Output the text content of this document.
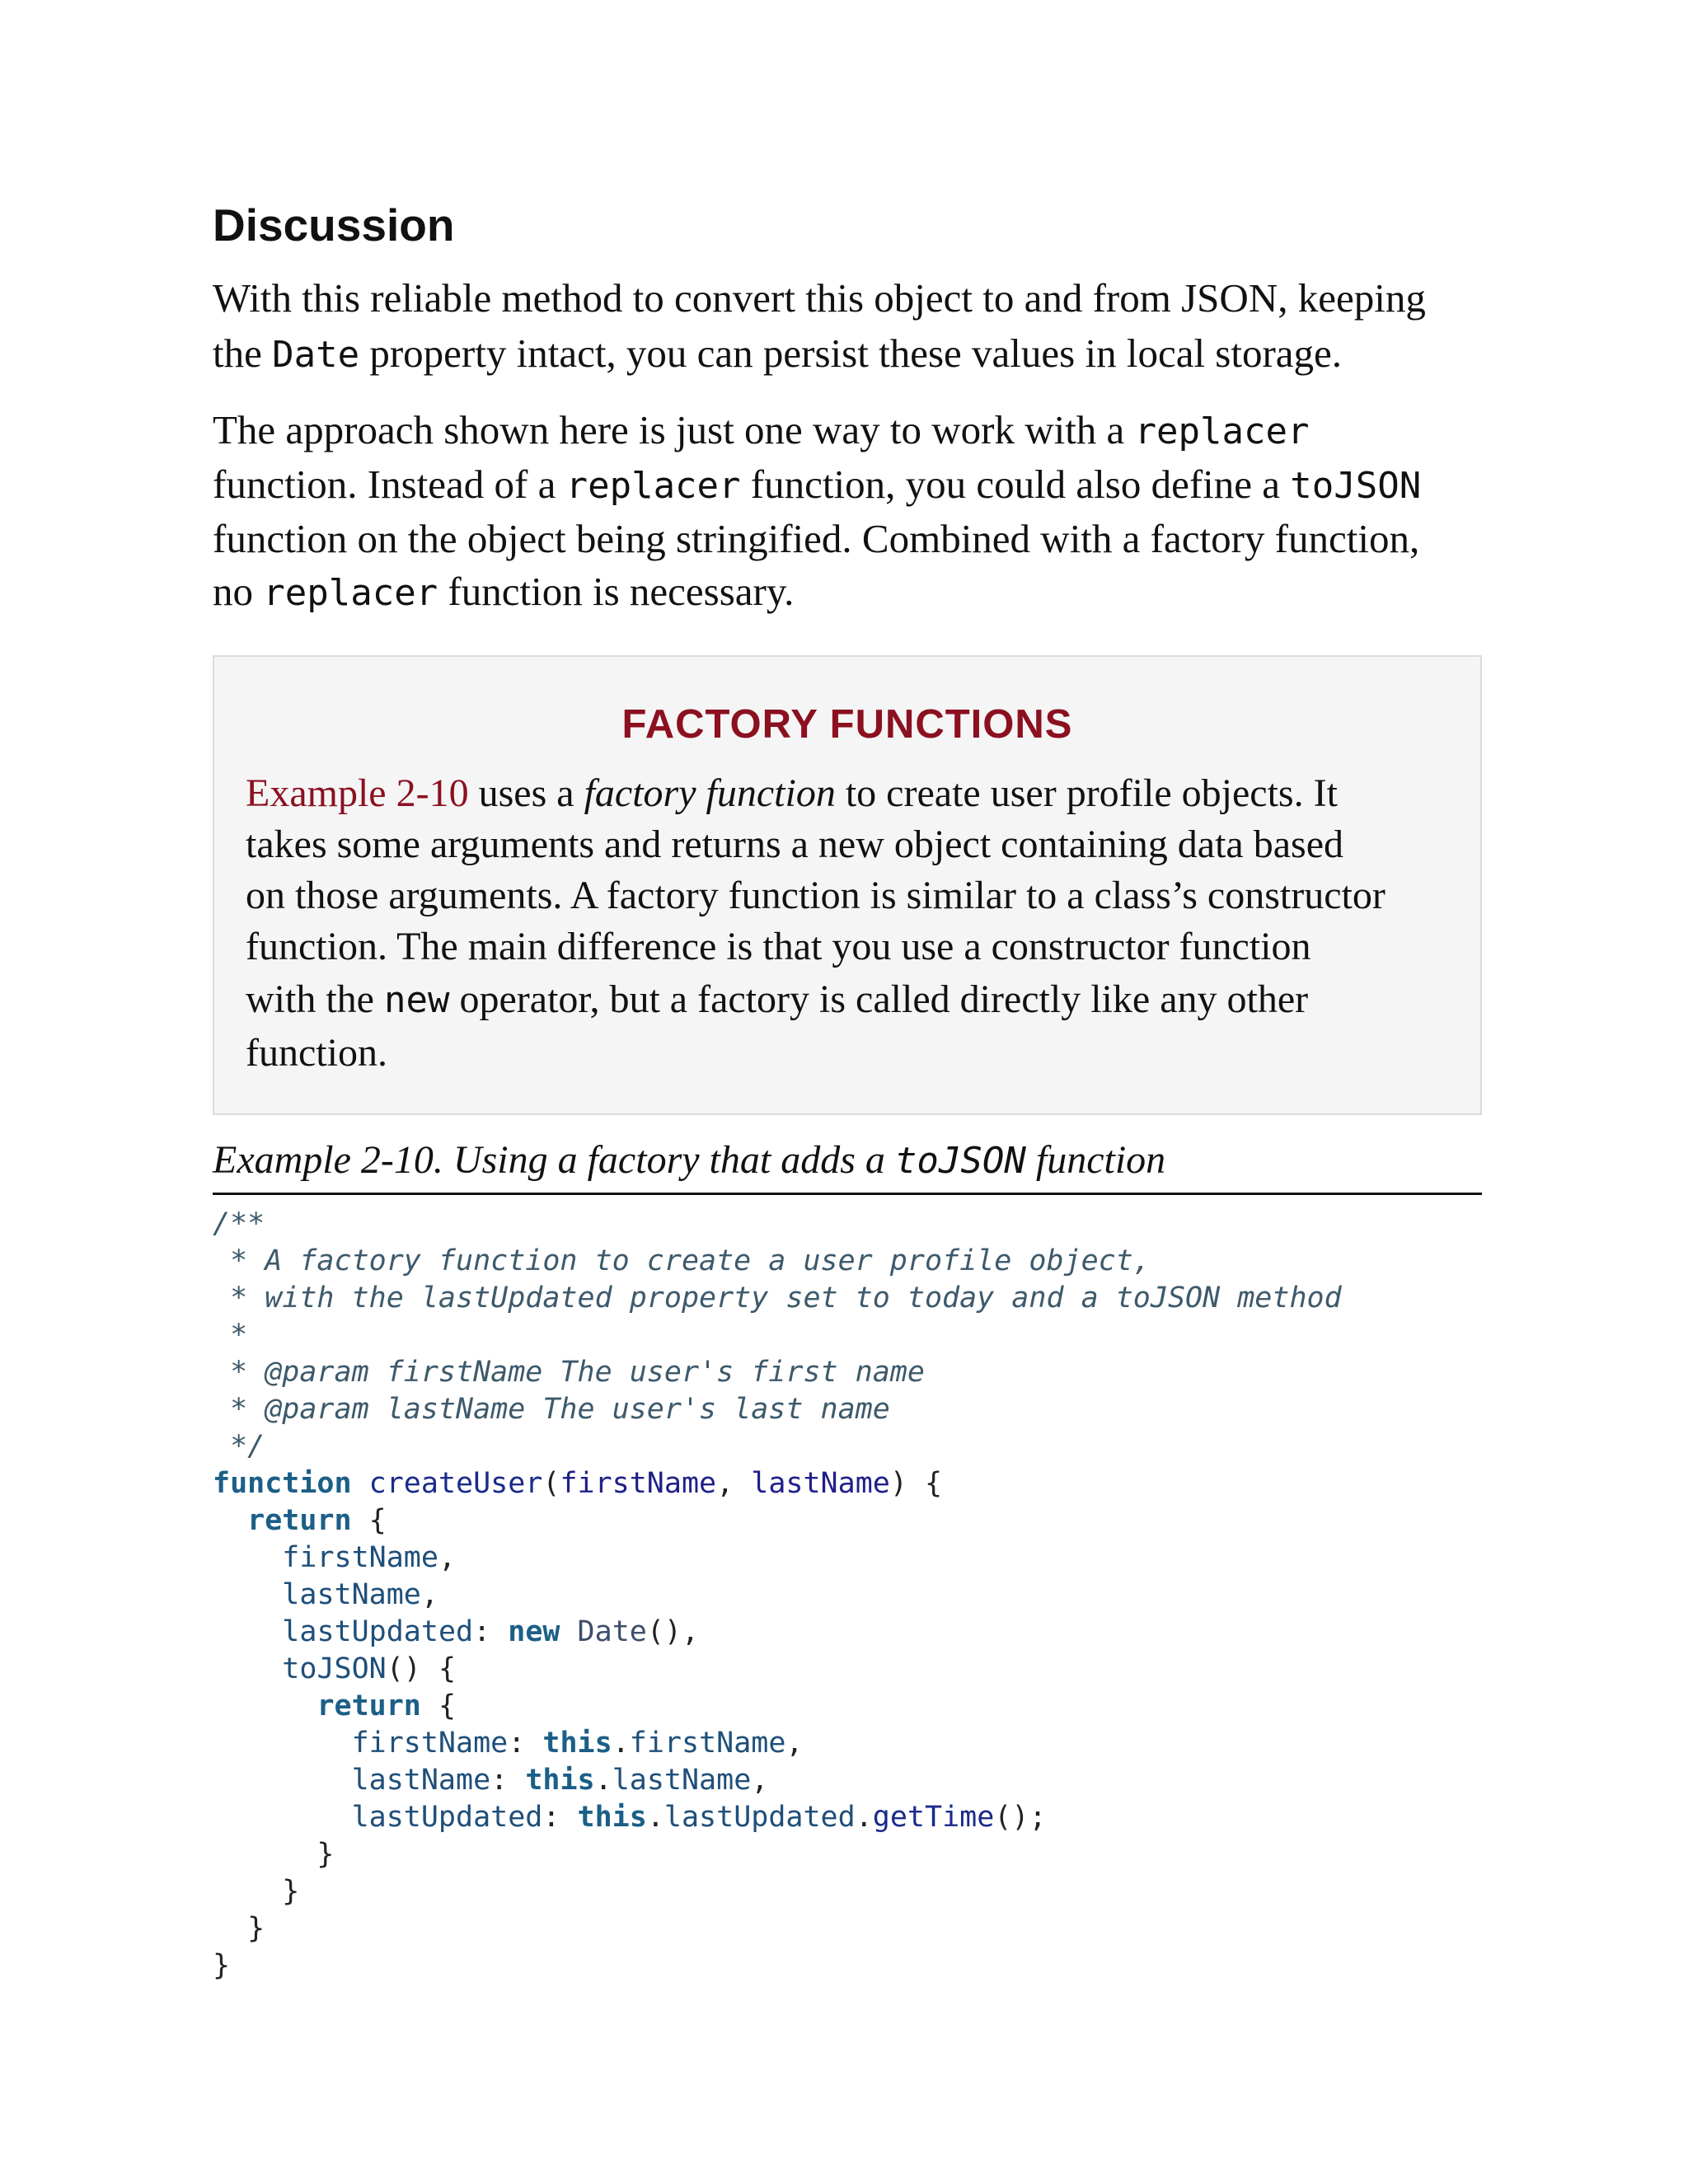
Discussion

With this reliable method to convert this object to and from JSON, keeping
the Date property intact, you can persist these values in local storage.

The approach shown here is just one way to work with a replacer
function. Instead of a replacer function, you could also define a toJSON
function on the object being stringified. Combined with a factory function,
no replacer function is necessary.

FACTORY FUNCTIONS

Example 2-10 uses a factory function to create user profile objects. It
takes some arguments and returns a new object containing data based
on those arguments. A factory function is similar to a class’s constructor
function. The main difference is that you use a constructor function
with the new operator, but a factory is called directly like any other
function.

Example 2-10. Using a factory that adds a toJSON function
/**
* A factory function to create a user profile object,
* with the lastUpdated property set to today and a toJSON method
*
* @param firstName The user's first name
* @param lastName The user's last name
*/
function createUser(firstName, lastName) {
return {
firstName,
lastName,
lastUpdated: new Date(),
toJSON() {
return {
firstName: this.firstName,
lastName: this.lastName,
lastUpdated: this.lastUpdated.getTime();
}
}
}
}
